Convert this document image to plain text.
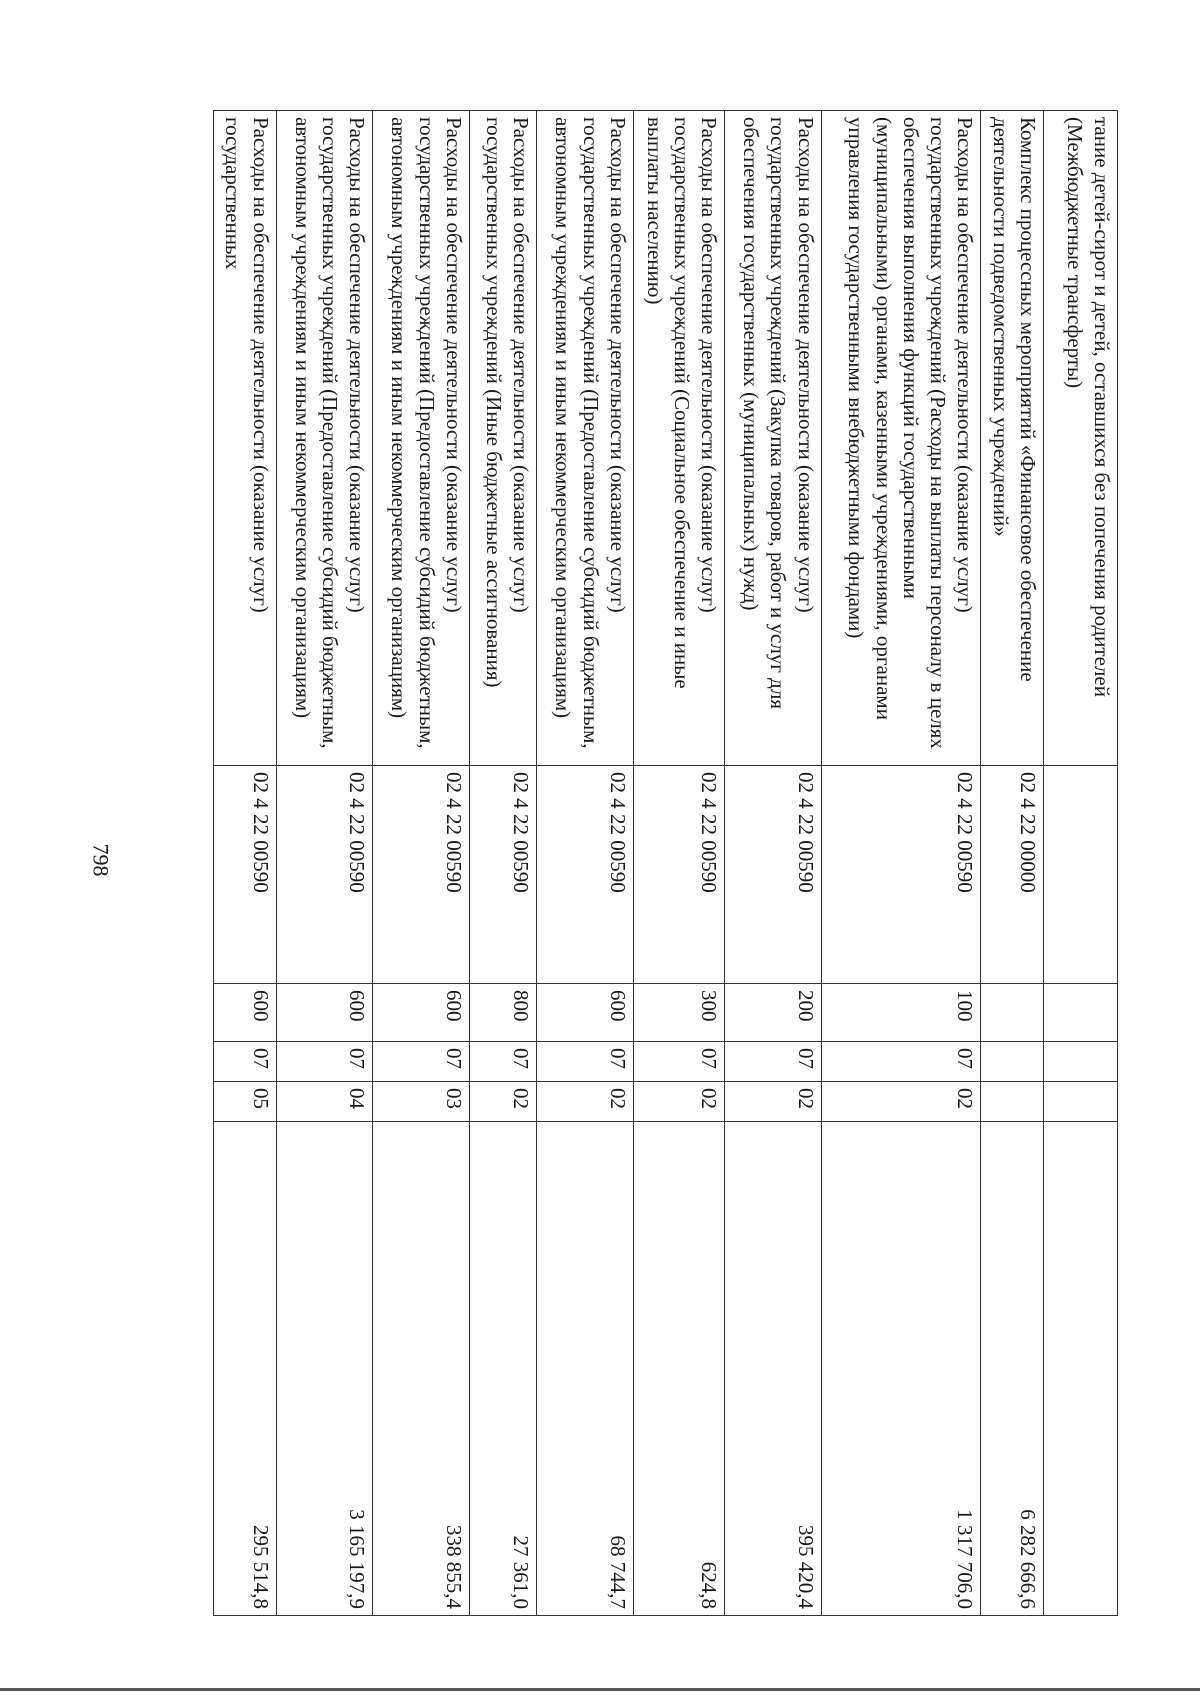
798
тание детей-сирот и детей, оставшихся без попечения родителей (Межбюджетные трансферты)					
Комплекс процессных мероприятий «Финансовое обеспечение деятельности подведомственных учреждений»	02 4 22 00000				6 282 666,6
Расходы на обеспечение деятельности (оказание услуг) государственных учреждений (Расходы на выплаты персоналу в целях обеспечения выполнения функций государственными (муниципальными) органами, казенными учреждениями, органами управления государственными внебюджетными фондами)	02 4 22 00590	100	07	02	1 317 706,0
Расходы на обеспечение деятельности (оказание услуг) государственных учреждений (Закупка товаров, работ и услуг для обеспечения государственных (муниципальных) нужд)	02 4 22 00590	200	07	02	395 420,4
Расходы на обеспечение деятельности (оказание услуг) государственных учреждений (Социальное обеспечение и иные выплаты населению)	02 4 22 00590	300	07	02	624,8
Расходы на обеспечение деятельности (оказание услуг) государственных учреждений (Предоставление субсидий бюджетным, автономным учреждениям и иным некоммерческим организациям)	02 4 22 00590	600	07	02	68 744,7
Расходы на обеспечение деятельности (оказание услуг) государственных учреждений (Иные бюджетные ассигнования)	02 4 22 00590	800	07	02	27 361,0
Расходы на обеспечение деятельности (оказание услуг) государственных учреждений (Предоставление субсидий бюджетным, автономным учреждениям и иным некоммерческим организациям)	02 4 22 00590	600	07	03	338 855,4
Расходы на обеспечение деятельности (оказание услуг) государственных учреждений (Предоставление субсидий бюджетным, автономным учреждениям и иным некоммерческим организациям)	02 4 22 00590	600	07	04	3 165 197,9
Расходы на обеспечение деятельности (оказание услуг) государственных	02 4 22 00590	600	07	05	295 514,8
